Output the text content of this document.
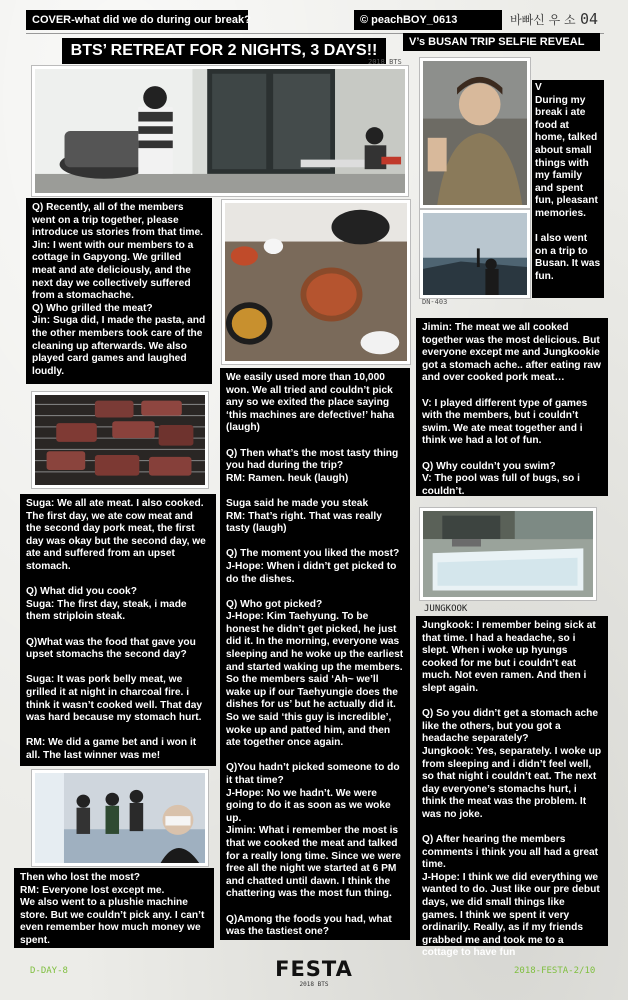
COVER-what did we do during our break?	© peachBOY_0613	바빠신 우 소 04
BTS’ RETREAT FOR 2 NIGHTS, 3 DAYS!!	V’s BUSAN TRIP SELFIE REVEAL
2018 BTS
DN-403
V
During my break i ate food at home, talked about small things with my family and spent fun, pleasant memories.

I also went on a trip to Busan. It was fun.
Q) Recently, all of the members went on a trip together, please introduce us stories from that time.
Jin: I went with our members to a cottage in Gapyong. We grilled meat and ate deliciously, and the next day we collectively suffered from a stomachache.
Q) Who grilled the meat?
Jin: Suga did, I made the pasta, and the other members took care of the cleaning up afterwards. We also played card games and laughed loudly.
Suga: We all ate meat. I also cooked. The first day, we ate cow meat and the second day pork meat, the first day was okay but the second day, we ate and suffered from an upset stomach.

Q) What did you cook?
Suga: The first day, steak, i made them striploin steak.

Q)What was the food that gave you upset stomachs the second day?

Suga: It was pork belly meat, we grilled it at night in charcoal fire. i think it wasn’t cooked well. That day was hard because my stomach hurt.

RM: We did a game bet and i won it all. The last winner was me!
Then who lost the most?
RM: Everyone lost except me.
We also went to a plushie machine store. But we couldn’t pick any. I can’t even remember how much money we spent.
We easily used more than 10,000 won. We all tried and couldn’t pick any so we exited the place saying ‘this machines are defective!’ haha (laugh)

Q) Then what’s the most tasty thing you had during the trip?
RM: Ramen. heuk (laugh)

Suga said he made you steak
RM: That’s right. That was really tasty (laugh)

Q) The moment you liked the most?
J-Hope: When i didn’t get picked to do the dishes.

Q) Who got picked?
J-Hope: Kim Taehyung. To be honest he didn’t get picked, he just did it. In the morning, everyone was sleeping and he woke up the earliest and started waking up the members. So the members said ‘Ah~ we’ll wake up if our Taehyungie does the dishes for us’ but he actually did it.
So we said ‘this guy is incredible’, woke up and patted him, and then ate together once again.

Q)You hadn’t picked someone to do it that time?
J-Hope: No we hadn’t. We were going to do it as soon as we woke up.
Jimin: What i remember the most is that we cooked the meat and talked for a really long time. Since we were free all the night we started at 6 PM and chatted until dawn. I think the chattering was the most fun thing.

Q)Among the foods you had, what was the tastiest one?
Jimin: The meat we all cooked together was the most delicious. But everyone except me and Jungkookie got a stomach ache.. after eating raw and over cooked pork meat…

V: I played different type of games with the members, but i couldn’t swim. We ate meat together and i think we had a lot of fun.

Q) Why couldn’t you swim?
V: The pool was full of bugs, so i couldn’t.
JUNGKOOK
Jungkook: I remember being sick at that time. I had a headache, so i slept. When i woke up hyungs cooked for me but i couldn’t eat much. Not even ramen. And then i slept again.

Q) So you didn’t get a stomach ache like the others, but you got a headache separately?
Jungkook: Yes, separately. I woke up from sleeping and i didn’t feel well, so that night i couldn’t eat. The next day everyone’s stomachs hurt, i think the meat was the problem. It was no joke.

Q) After hearing the members comments i think you all had a great time.
J-Hope: I think we did everything we wanted to do. Just like our pre debut days, we did small things like games. I think we spent it very ordinarily. Really, as if my friends grabbed me and took me to a cottage to have fun
D-DAY-8	FESTA
2018 BTS
2018-FESTA-2/10
